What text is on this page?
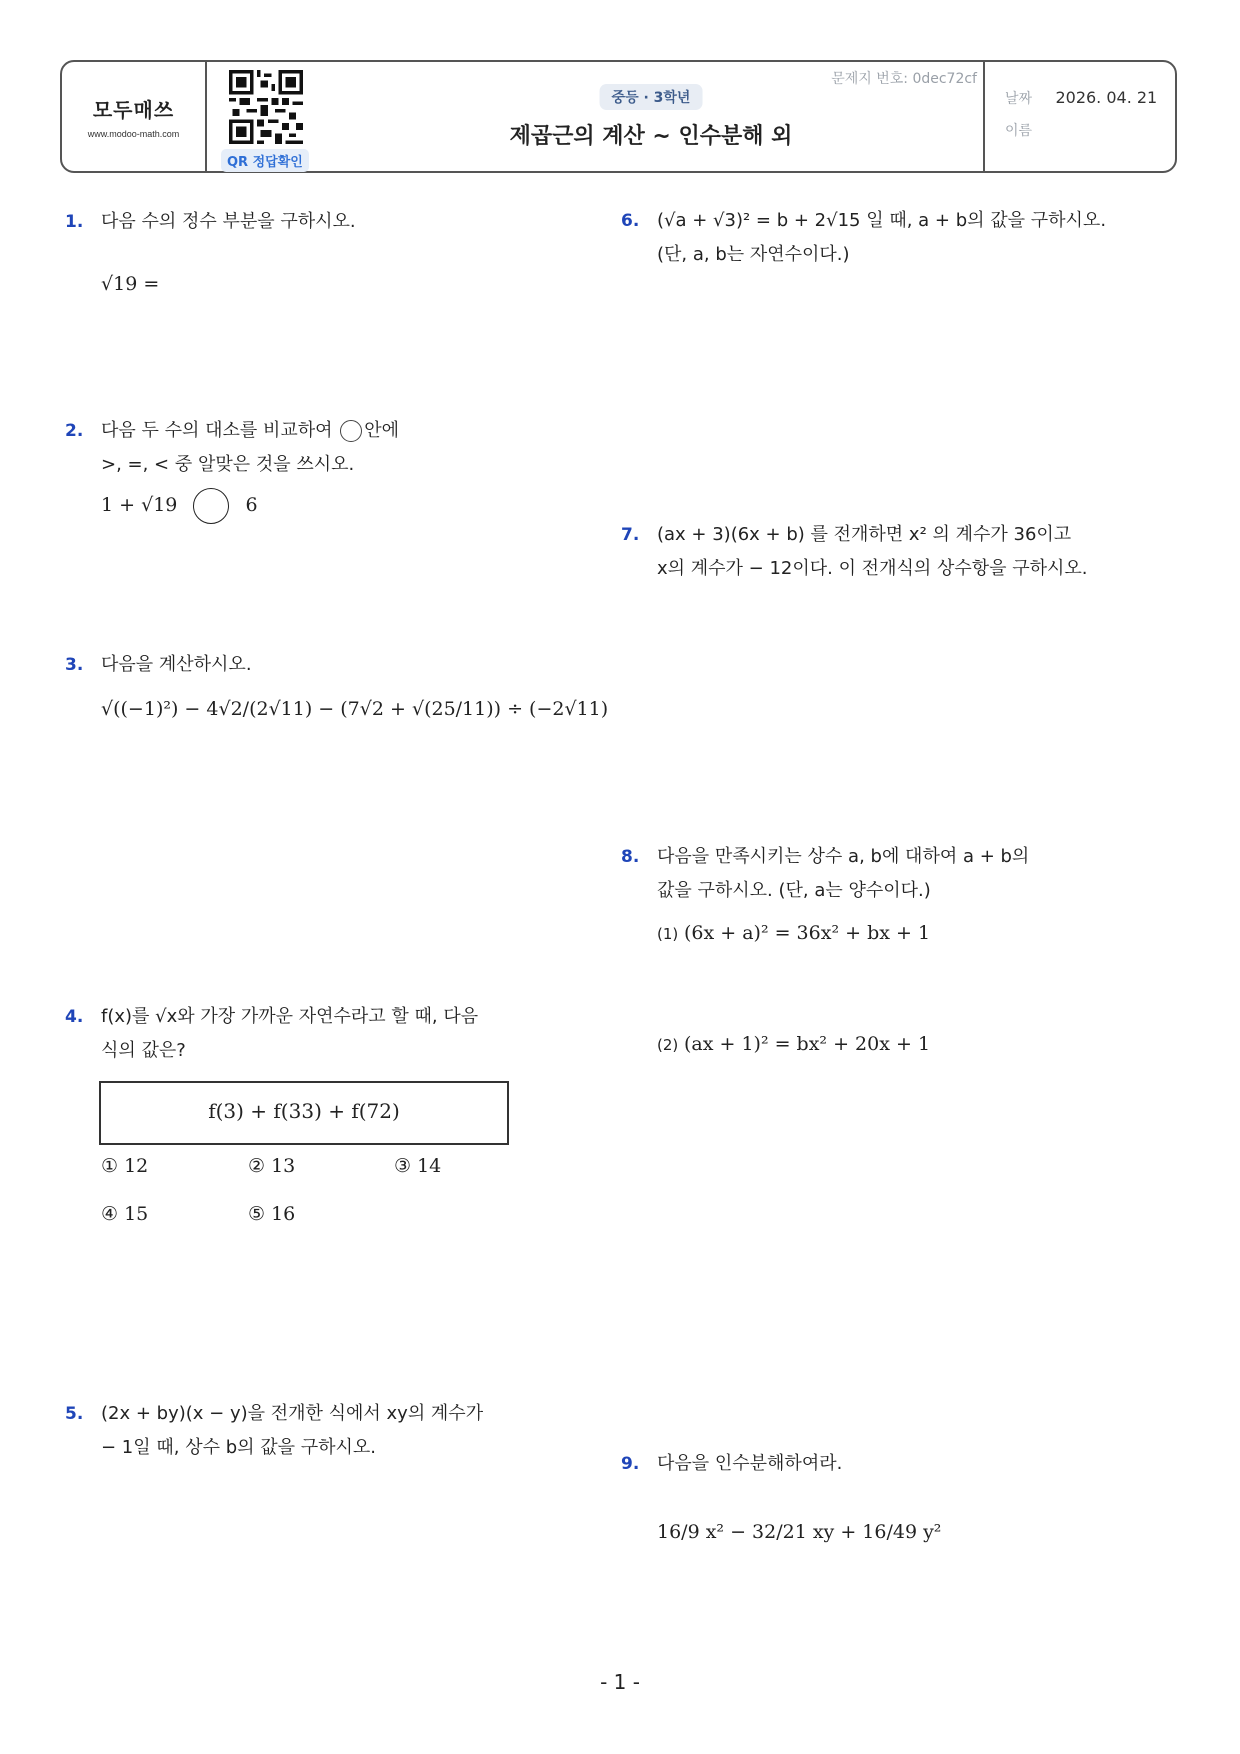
모두매쓰
www.modoo-math.com
QR 정답확인
문제지 번호: 0dec72cf
중등 · 3학년
제곱근의 계산 ~ 인수분해 외
날짜 2026. 04. 21
이름
1. 다음 수의 정수 부분을 구하시오.
√19 =
2. 다음 두 수의 대소를 비교하여 안에
>, =, < 중 알맞은 것을 쓰시오.
1 + √19	6
3. 다음을 계산하시오.
√((−1)²) − 4√2/(2√11) − (7√2 + √(25/11)) ÷ (−2√11)
4. f(x)를 √x와 가장 가까운 자연수라고 할 때, 다음
식의 값은?
f(3) + f(33) + f(72)
① 12	② 13	③ 14
④ 15	⑤ 16
5. (2x + by)(x − y)을 전개한 식에서 xy의 계수가
− 1일 때, 상수 b의 값을 구하시오.
6. (√a + √3)² = b + 2√15 일 때, a + b의 값을 구하시오.
(단, a, b는 자연수이다.)
7. (ax + 3)(6x + b) 를 전개하면 x² 의 계수가 36이고
x의 계수가 − 12이다. 이 전개식의 상수항을 구하시오.
8. 다음을 만족시키는 상수 a, b에 대하여 a + b의
값을 구하시오. (단, a는 양수이다.)
(1) (6x + a)² = 36x² + bx + 1
(2) (ax + 1)² = bx² + 20x + 1
9. 다음을 인수분해하여라.
16/9 x² − 32/21 xy + 16/49 y²
- 1 -
